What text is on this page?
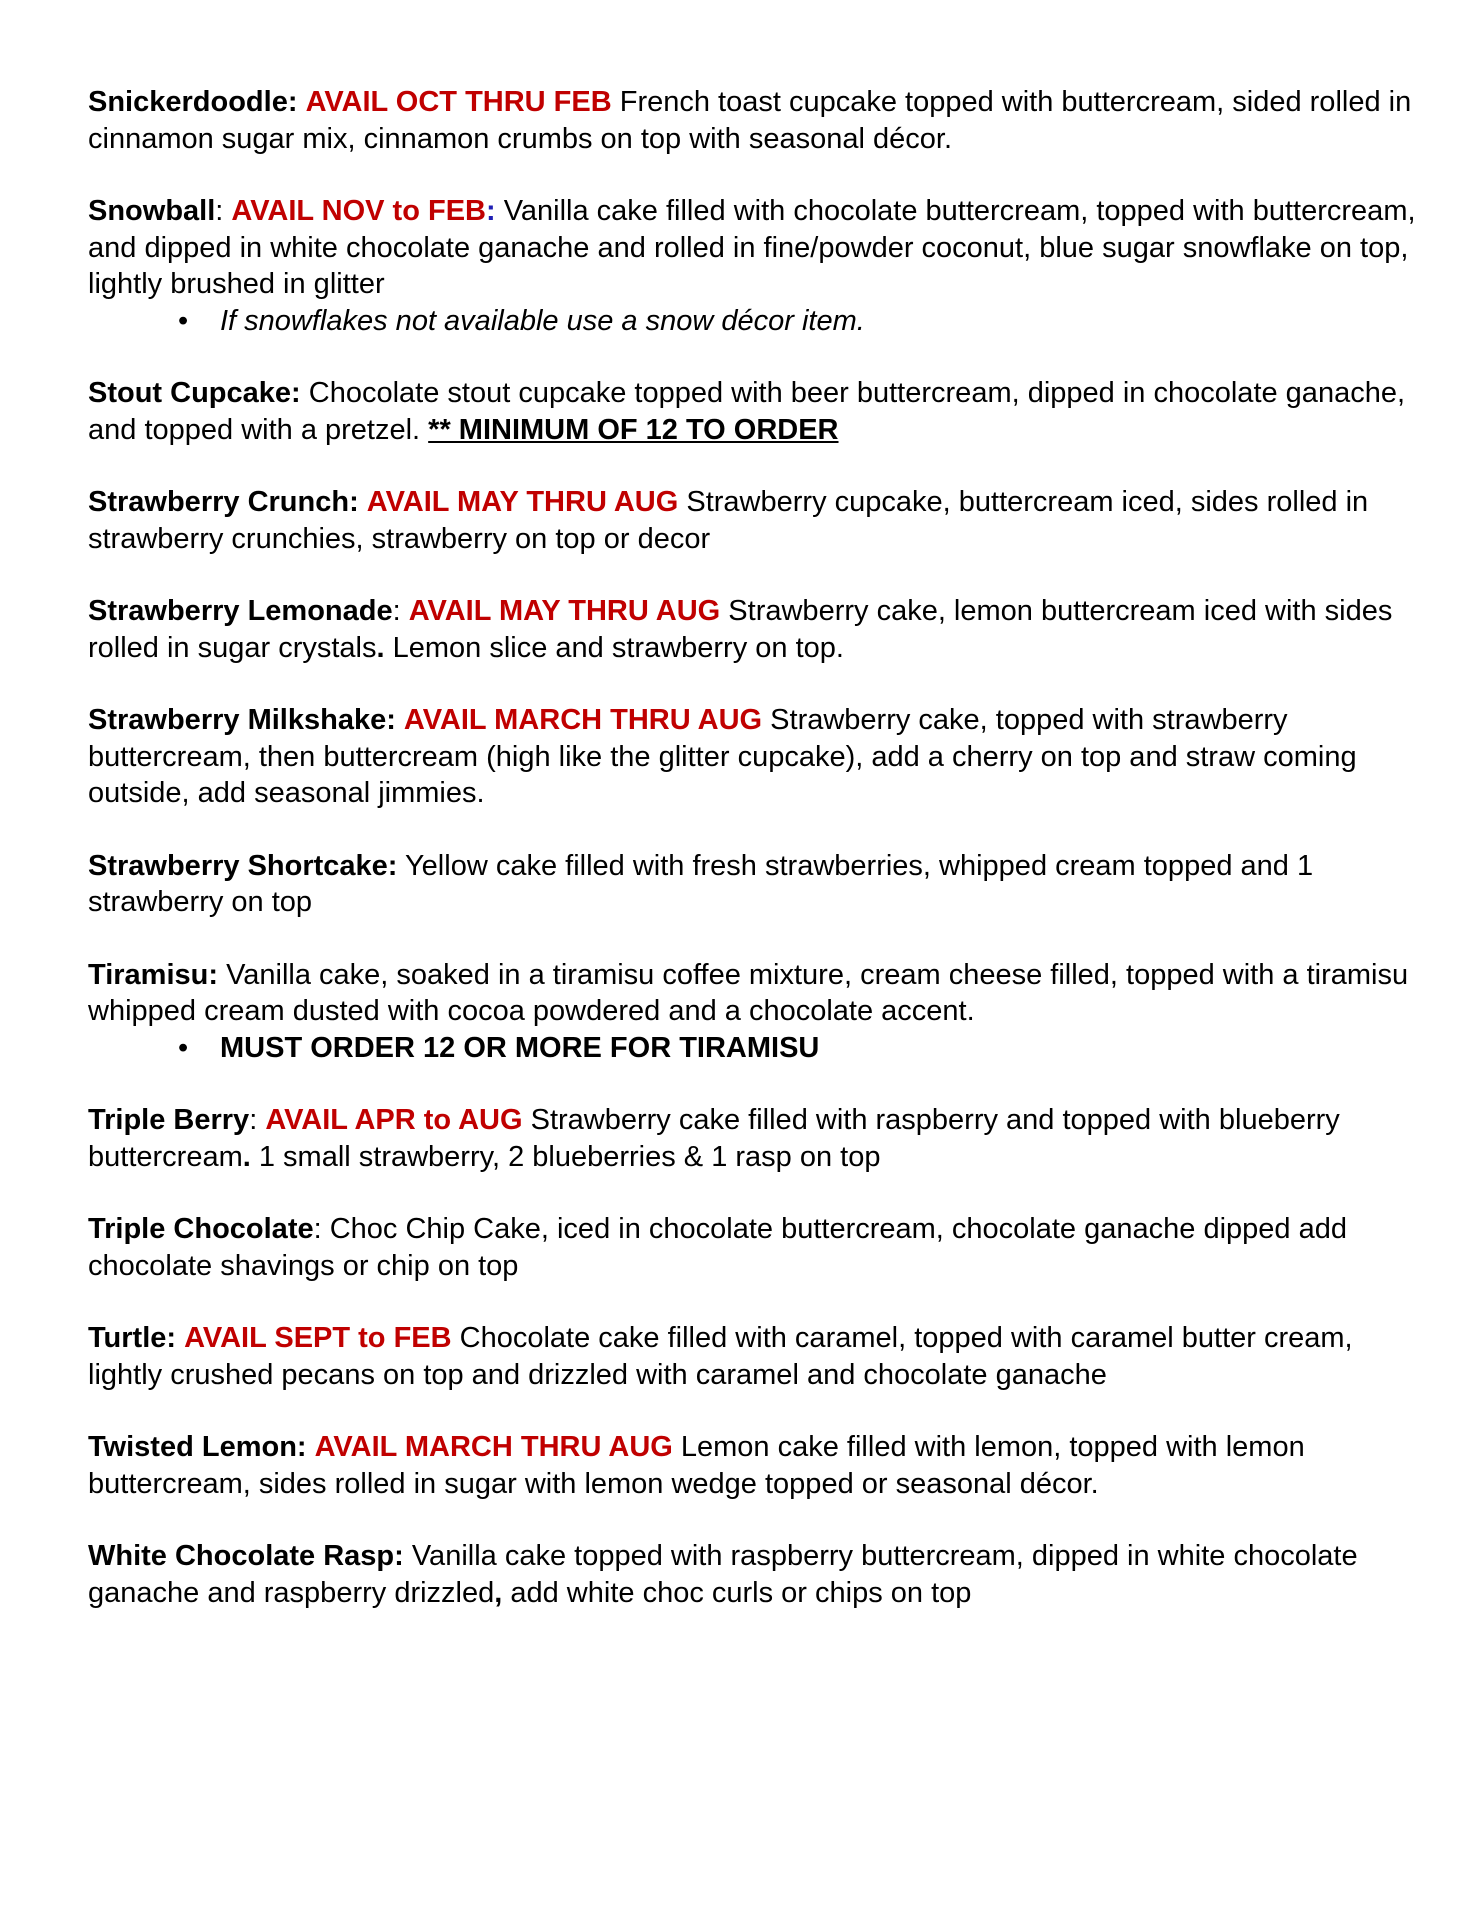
Snickerdoodle: AVAIL OCT THRU FEB French toast cupcake topped with buttercream, sided rolled in cinnamon sugar mix, cinnamon crumbs on top with seasonal décor.
Snowball: AVAIL NOV to FEB: Vanilla cake filled with chocolate buttercream, topped with buttercream, and dipped in white chocolate ganache and rolled in fine/powder coconut, blue sugar snowflake on top, lightly brushed in glitter
• If snowflakes not available use a snow décor item.
Stout Cupcake: Chocolate stout cupcake topped with beer buttercream, dipped in chocolate ganache, and topped with a pretzel. ** MINIMUM OF 12 TO ORDER
Strawberry Crunch: AVAIL MAY THRU AUG Strawberry cupcake, buttercream iced, sides rolled in strawberry crunchies, strawberry on top or decor
Strawberry Lemonade: AVAIL MAY THRU AUG Strawberry cake, lemon buttercream iced with sides rolled in sugar crystals. Lemon slice and strawberry on top.
Strawberry Milkshake: AVAIL MARCH THRU AUG Strawberry cake, topped with strawberry buttercream, then buttercream (high like the glitter cupcake), add a cherry on top and straw coming outside, add seasonal jimmies.
Strawberry Shortcake: Yellow cake filled with fresh strawberries, whipped cream topped and 1 strawberry on top
Tiramisu: Vanilla cake, soaked in a tiramisu coffee mixture, cream cheese filled, topped with a tiramisu whipped cream dusted with cocoa powdered and a chocolate accent.
• MUST ORDER 12 OR MORE FOR TIRAMISU
Triple Berry: AVAIL APR to AUG Strawberry cake filled with raspberry and topped with blueberry buttercream. 1 small strawberry, 2 blueberries & 1 rasp on top
Triple Chocolate: Choc Chip Cake, iced in chocolate buttercream, chocolate ganache dipped add chocolate shavings or chip on top
Turtle: AVAIL SEPT to FEB Chocolate cake filled with caramel, topped with caramel butter cream, lightly crushed pecans on top and drizzled with caramel and chocolate ganache
Twisted Lemon: AVAIL MARCH THRU AUG Lemon cake filled with lemon, topped with lemon buttercream, sides rolled in sugar with lemon wedge topped or seasonal décor.
White Chocolate Rasp: Vanilla cake topped with raspberry buttercream, dipped in white chocolate ganache and raspberry drizzled, add white choc curls or chips on top
